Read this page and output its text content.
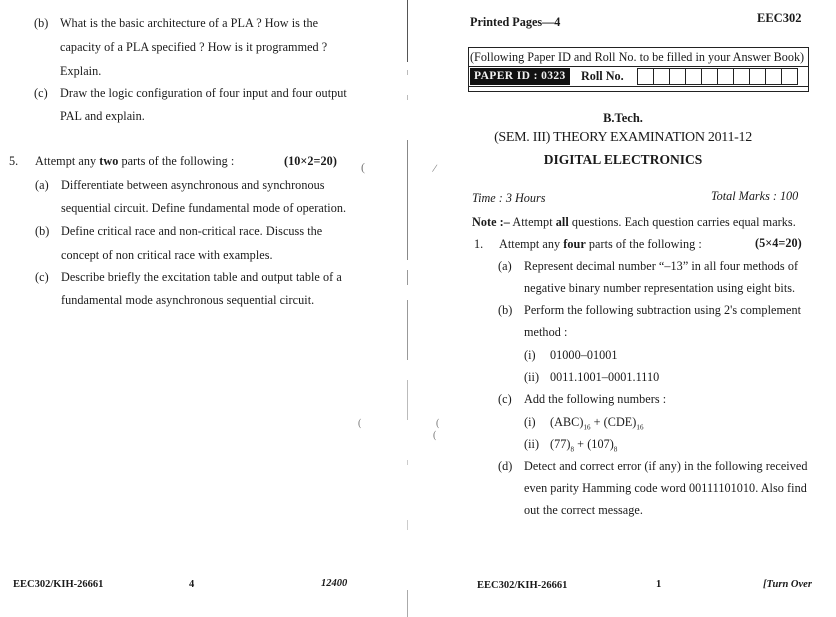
(b) What is the basic architecture of a PLA ? How is the
capacity of a PLA specified ? How is it programmed ?
Explain.
(c) Draw the logic configuration of four input and four output
PAL and explain.
5. Attempt any two parts of the following :	(10×2=20)
(a) Differentiate between asynchronous and synchronous
sequential circuit. Define fundamental mode of operation.
(b) Define critical race and non-critical race. Discuss the
concept of non critical race with examples.
(c) Describe briefly the excitation table and output table of a
fundamental mode asynchronous sequential circuit.
EEC302/KIH-26661	4	12400
(	/
(	(
(
Printed Pages—4	EEC302
(Following Paper ID and Roll No. to be filled in your Answer Book)
PAPER ID : 0323	Roll No.
B.Tech.
(SEM. III) THEORY EXAMINATION 2011-12
DIGITAL ELECTRONICS
Time : 3 Hours	Total Marks : 100
Note :– Attempt all questions. Each question carries equal marks.
1. Attempt any four parts of the following :	(5×4=20)
(a) Represent decimal number “–13” in all four methods of
negative binary number representation using eight bits.
(b) Perform the following subtraction using 2's complement
method :
(i) 01000–01001
(ii) 0011.1001–0001.1110
(c) Add the following numbers :
(i) $(ABC)_{16} + (CDE)_{16}$
(ii) $(77)_8 + (107)_8$
(d) Detect and correct error (if any) in the following received
even parity Hamming code word 00111101010. Also find
out the correct message.
EEC302/KIH-26661	1	[Turn Over
